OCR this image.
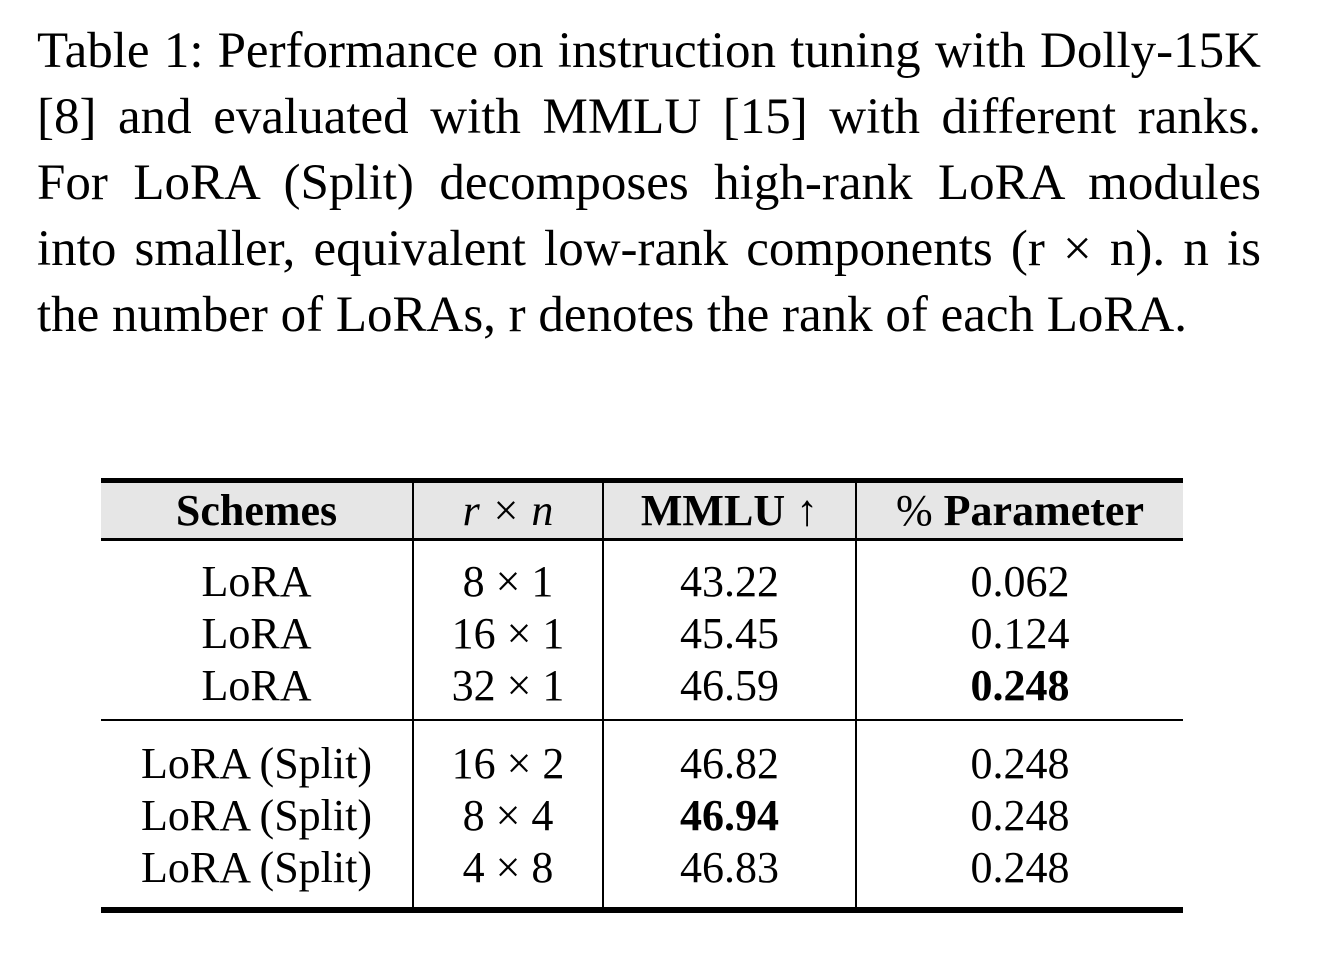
Table 1: Performance on instruction tuning with Dolly-15K [8] and evaluated with MMLU [15] with different ranks. For LoRA (Split) decomposes high-rank LoRA modules into smaller, equivalent low-rank components (r × n). n is the number of LoRAs, r denotes the rank of each LoRA.
Schemes	r × n	MMLU ↑	% Parameter
LoRA	8 × 1	43.22	0.062
LoRA	16 × 1	45.45	0.124
LoRA	32 × 1	46.59	0.248
LoRA (Split)	16 × 2	46.82	0.248
LoRA (Split)	8 × 4	46.94	0.248
LoRA (Split)	4 × 8	46.83	0.248
